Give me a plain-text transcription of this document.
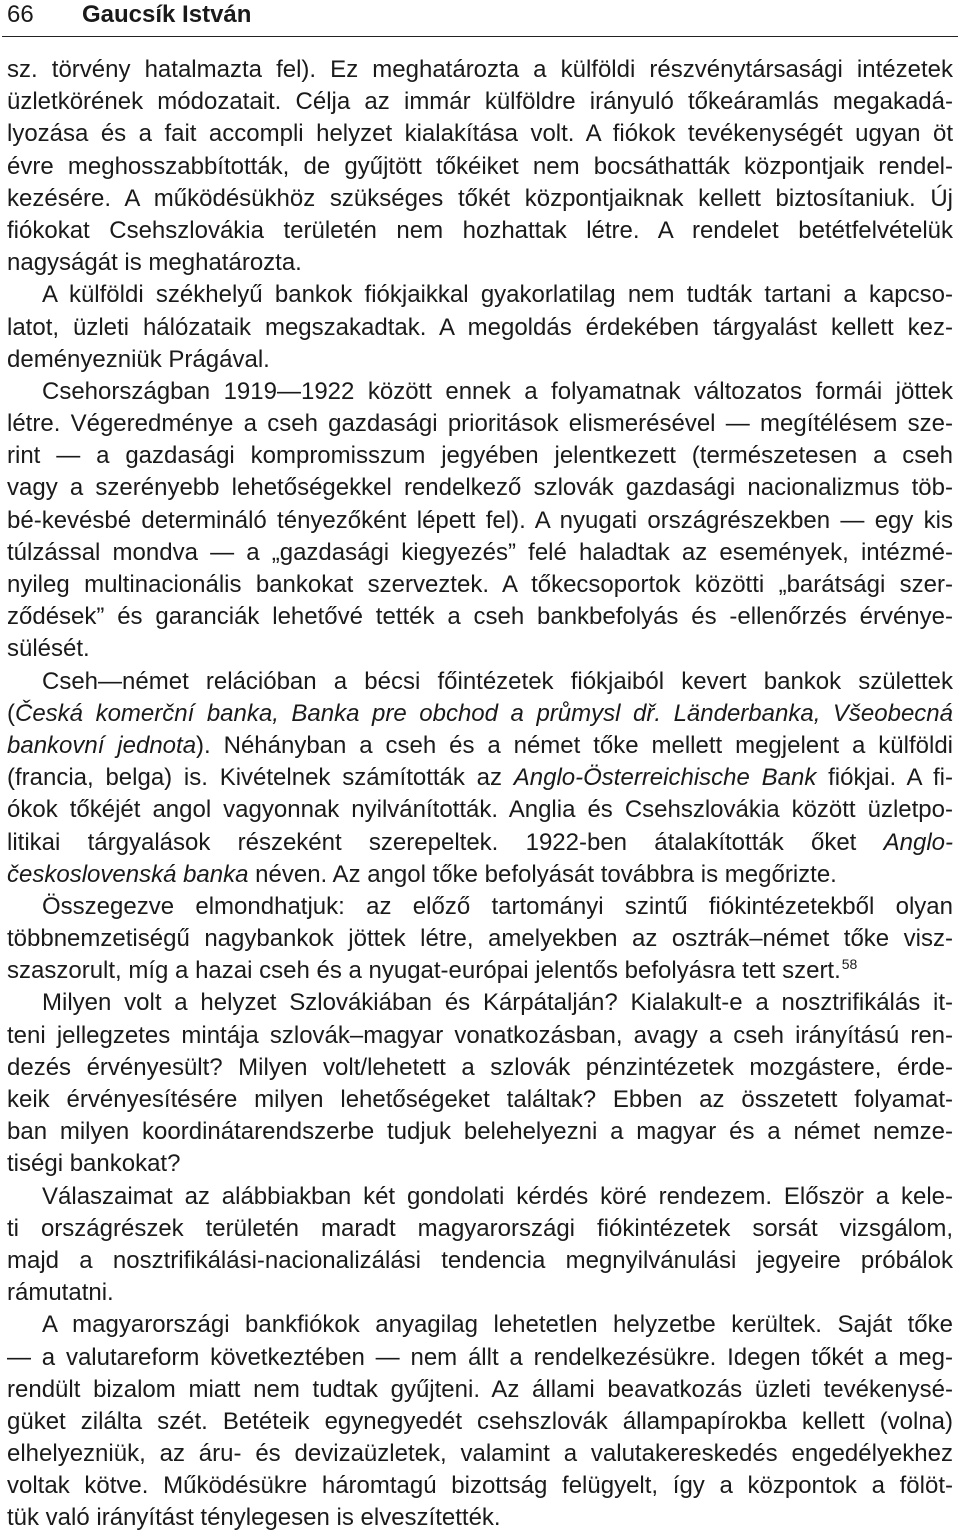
66 Gaucsík István
sz. törvény hatalmazta fel). Ez meghatározta a külföldi részvénytársasági intézetek
üzletkörének módozatait. Célja az immár külföldre irányuló tőkeáramlás megakadá-
lyozása és a fait accompli helyzet kialakítása volt. A fiókok tevékenységét ugyan öt
évre meghosszabbították, de gyűjtött tőkéiket nem bocsáthatták központjaik rendel-
kezésére. A működésükhöz szükséges tőkét központjaiknak kellett biztosítaniuk. Új
fiókokat Csehszlovákia területén nem hozhattak létre. A rendelet betétfelvételük
nagyságát is meghatározta.
A külföldi székhelyű bankok fiókjaikkal gyakorlatilag nem tudták tartani a kapcso-
latot, üzleti hálózataik megszakadtak. A megoldás érdekében tárgyalást kellett kez-
deményezniük Prágával.
Csehországban 1919—1922 között ennek a folyamatnak változatos formái jöttek
létre. Végeredménye a cseh gazdasági prioritások elismerésével — megítélésem sze-
rint — a gazdasági kompromisszum jegyében jelentkezett (természetesen a cseh
vagy a szerényebb lehetőségekkel rendelkező szlovák gazdasági nacionalizmus töb-
bé-kevésbé determináló tényezőként lépett fel). A nyugati országrészekben — egy kis
túlzással mondva — a „gazdasági kiegyezés” felé haladtak az események, intézmé-
nyileg multinacionális bankokat szerveztek. A tőkecsoportok közötti „barátsági szer-
ződések” és garanciák lehetővé tették a cseh bankbefolyás és -ellenőrzés érvénye-
sülését.
Cseh—német relációban a bécsi főintézetek fiókjaiból kevert bankok születtek
(Česká komerční banka, Banka pre obchod a průmysl dř. Länderbanka, Všeobecná
bankovní jednota). Néhányban a cseh és a német tőke mellett megjelent a külföldi
(francia, belga) is. Kivételnek számították az Anglo-Österreichische Bank fiókjai. A fi-
ókok tőkéjét angol vagyonnak nyilvánították. Anglia és Csehszlovákia között üzletpo-
litikai tárgyalások részeként szerepeltek. 1922-ben átalakították őket Anglo-
československá banka néven. Az angol tőke befolyását továbbra is megőrizte.
Összegezve elmondhatjuk: az előző tartományi szintű fiókintézetekből olyan
többnemzetiségű nagybankok jöttek létre, amelyekben az osztrák–német tőke visz-
szaszorult, míg a hazai cseh és a nyugat-európai jelentős befolyásra tett szert.$^{58}$
Milyen volt a helyzet Szlovákiában és Kárpátalján? Kialakult-e a nosztrifikálás it-
teni jellegzetes mintája szlovák–magyar vonatkozásban, avagy a cseh irányítású ren-
dezés érvényesült? Milyen volt/lehetett a szlovák pénzintézetek mozgástere, érde-
keik érvényesítésére milyen lehetőségeket találtak? Ebben az összetett folyamat-
ban milyen koordinátarendszerbe tudjuk belehelyezni a magyar és a német nemze-
tiségi bankokat?
Válaszaimat az alábbiakban két gondolati kérdés köré rendezem. Először a kele-
ti országrészek területén maradt magyarországi fiókintézetek sorsát vizsgálom,
majd a nosztrifikálási-nacionalizálási tendencia megnyilvánulási jegyeire próbálok
rámutatni.
A magyarországi bankfiókok anyagilag lehetetlen helyzetbe kerültek. Saját tőke
— a valutareform következtében — nem állt a rendelkezésükre. Idegen tőkét a meg-
rendült bizalom miatt nem tudtak gyűjteni. Az állami beavatkozás üzleti tevékenysé-
güket zilálta szét. Betéteik egynegyedét csehszlovák állampapírokba kellett (volna)
elhelyezniük, az áru- és devizaüzletek, valamint a valutakereskedés engedélyekhez
voltak kötve. Működésükre háromtagú bizottság felügyelt, így a központok a fölöt-
tük való irányítást ténylegesen is elveszítették.
